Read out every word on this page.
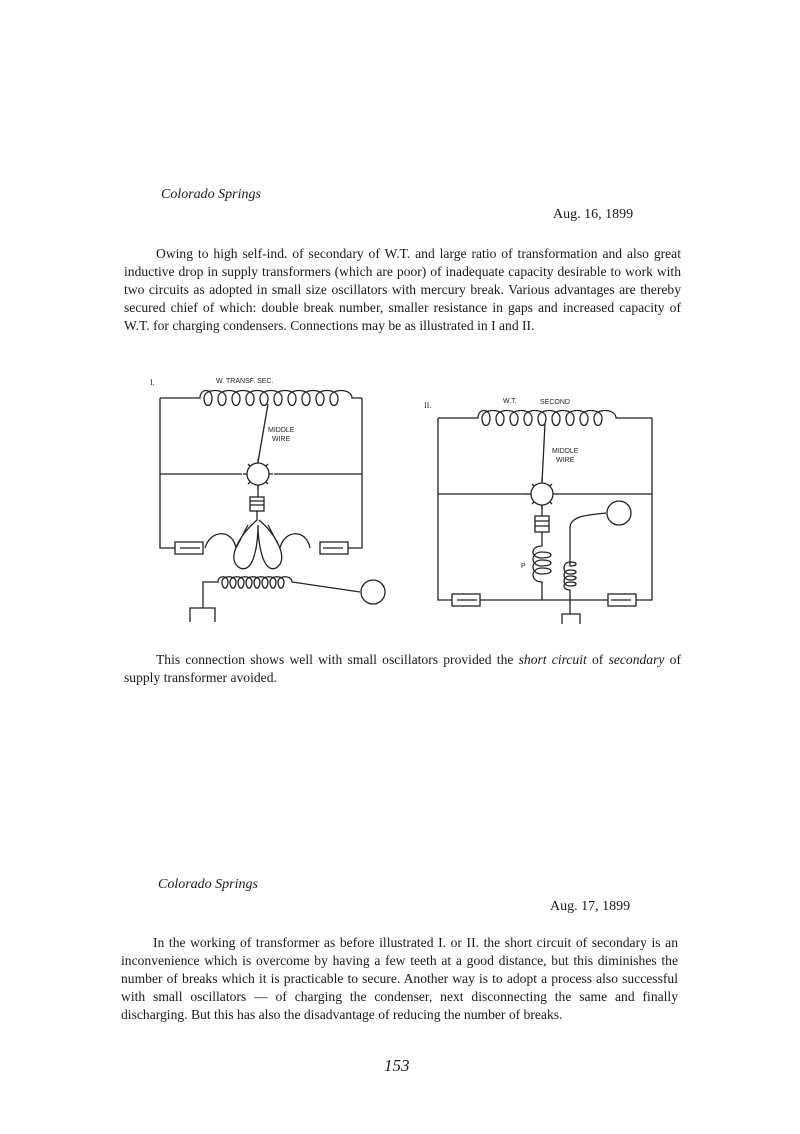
Colorado Springs
Aug. 16, 1899

Owing to high self-ind. of secondary of W.T. and large ratio of transformation and also great inductive drop in supply transformers (which are poor) of inadequate capacity desirable to work with two circuits as adopted in small size oscillators with mercury break. Various advantages are thereby secured chief of which: double break number, smaller resistance in gaps and increased capacity of W.T. for charging condensers. Connections may be as illustrated in I and II.

I.	W. TRANSF. SEC.
MIDDLE
WIRE
II.	W.T.	SECOND
MIDDLE
WIRE
P

This connection shows well with small oscillators provided the short circuit of secondary of supply transformer avoided.

Colorado Springs
Aug. 17, 1899

In the working of transformer as before illustrated I. or II. the short circuit of secondary is an inconvenience which is overcome by having a few teeth at a good distance, but this diminishes the number of breaks which it is practicable to secure. Another way is to adopt a process also successful with small oscillators — of charging the condenser, next disconnecting the same and finally discharging. But this has also the disadvantage of reducing the number of breaks.

153
